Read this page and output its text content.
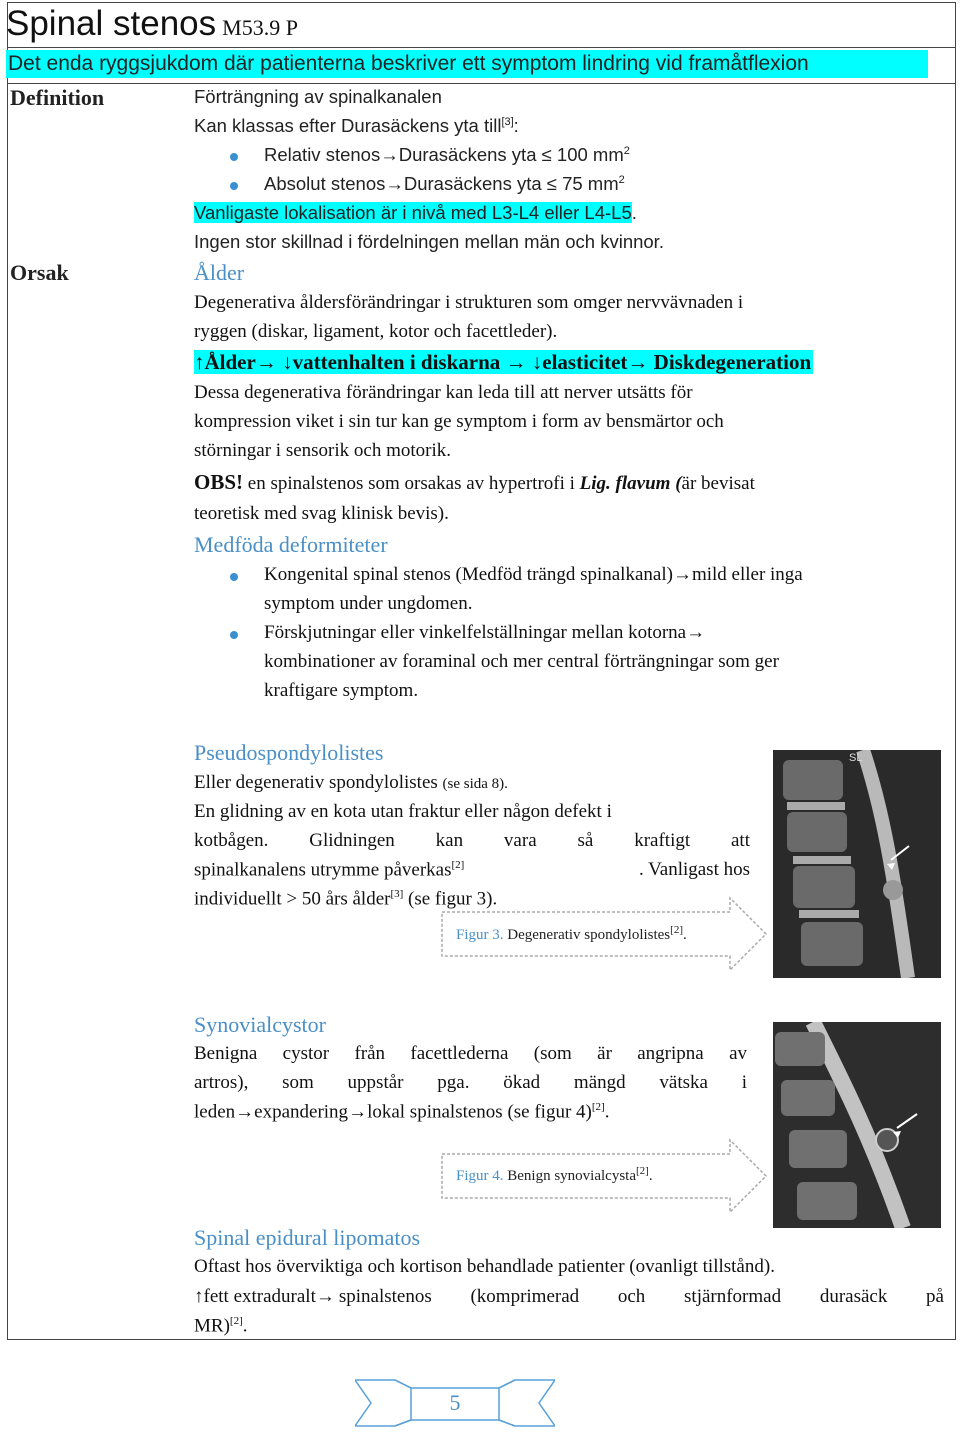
Spinal stenos M53.9 P
Det enda ryggsjukdom där patienterna beskriver ett symptom lindring vid framåtflexion
Definition	Förträngning av spinalkanalen
Kan klassas efter Durasäckens yta till[3]:
Relativ stenos→Durasäckens yta ≤ 100 $mm^2$
Absolut stenos→Durasäckens yta ≤ 75 $mm^2$
Vanligaste lokalisation är i nivå med L3-L4 eller L4-L5.
Ingen stor skillnad i fördelningen mellan män och kvinnor.
Orsak	Ålder
Degenerativa åldersförändringar i strukturen som omger nervvävnaden i
ryggen (diskar, ligament, kotor och facettleder).
↑Ålder→ ↓vattenhalten i diskarna → ↓elasticitet→ Diskdegeneration
Dessa degenerativa förändringar kan leda till att nerver utsätts för
kompression viket i sin tur kan ge symptom i form av bensmärtor och
störningar i sensorik och motorik.
OBS! en spinalstenos som orsakas av hypertrofi i Lig. flavum (är bevisat
teoretisk med svag klinisk bevis).
Medföda deformiteter
Kongenital spinal stenos (Medföd trängd spinalkanal)→mild eller inga
symptom under ungdomen.
Förskjutningar eller vinkelfelställningar mellan kotorna→
kombinationer av foraminal och mer central förträngningar som ger
kraftigare symptom.
Pseudospondylolistes
Eller degenerativ spondylolistes (se sida 8).
En glidning av en kota utan fraktur eller någon defekt i
kotbågen. Glidningen kan vara så kraftigt att
spinalkanalens utrymme påverkas[2]	. Vanligast hos
individuellt > 50 års ålder[3] (se figur 3).
Figur 3. Degenerativ spondylolistes[2].
SL
Synovialcystor
Benigna cystor från facettlederna (som är angripna av
artros), som uppstår pga. ökad mängd vätska i
leden→expandering→lokal spinalstenos (se figur 4)[2].
Figur 4. Benign synovialcysta[2].
Spinal epidural lipomatos
Oftast hos överviktiga och kortison behandlade patienter (ovanligt tillstånd).
↑fett extraduralt→ spinalstenos (komprimerad och stjärnformad durasäck på
MR)[2].
5
